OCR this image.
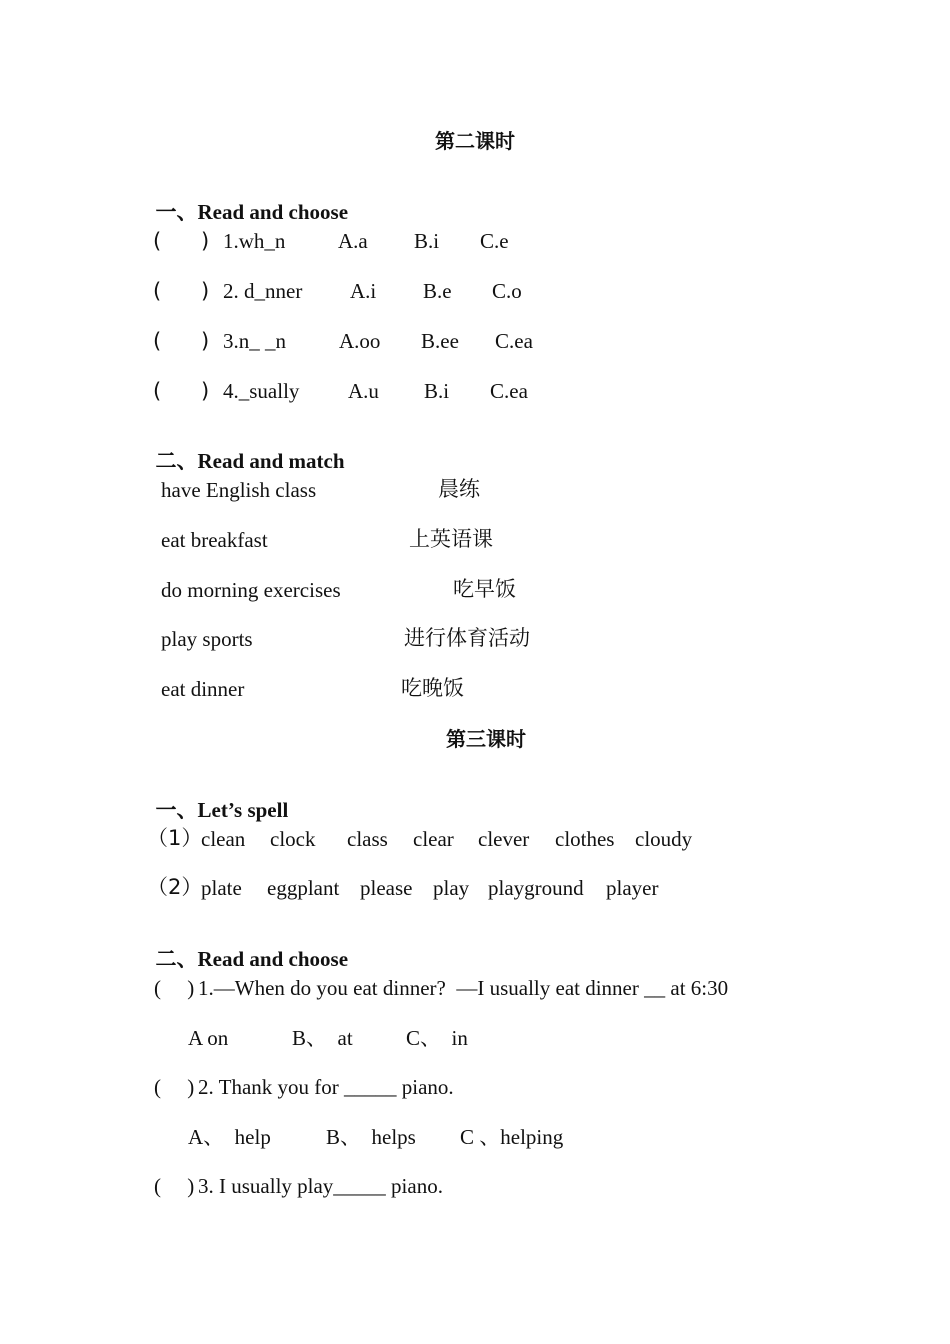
第二课时

一、Read and choose

( ) 1.wh_n	A.a B.i C.e
( ) 2. d_nner A.i B.e C.o
( ) 3.n_ _n	A.oo B.ee C.ea
( ) 4._sually A.u B.i C.ea

二、Read and match

have English class	晨练
eat breakfast	上英语课
do morning exercises	吃早饭
play sports	进行体育活动
eat dinner	吃晚饭
第三课时

一、Let’s spell

（1）
clean clock class clear clever clothes cloudy
（2）
plate eggplant please play playground player

二、Read and choose

(     ) 1.—When do you eat dinner?  —I usually eat dinner __ at 6:30
A on	B、  at	C、  in
(     ) 2. Thank you for _____ piano.
A、  help	B、  helps C 、helping
(     ) 3. I usually play_____ piano.
